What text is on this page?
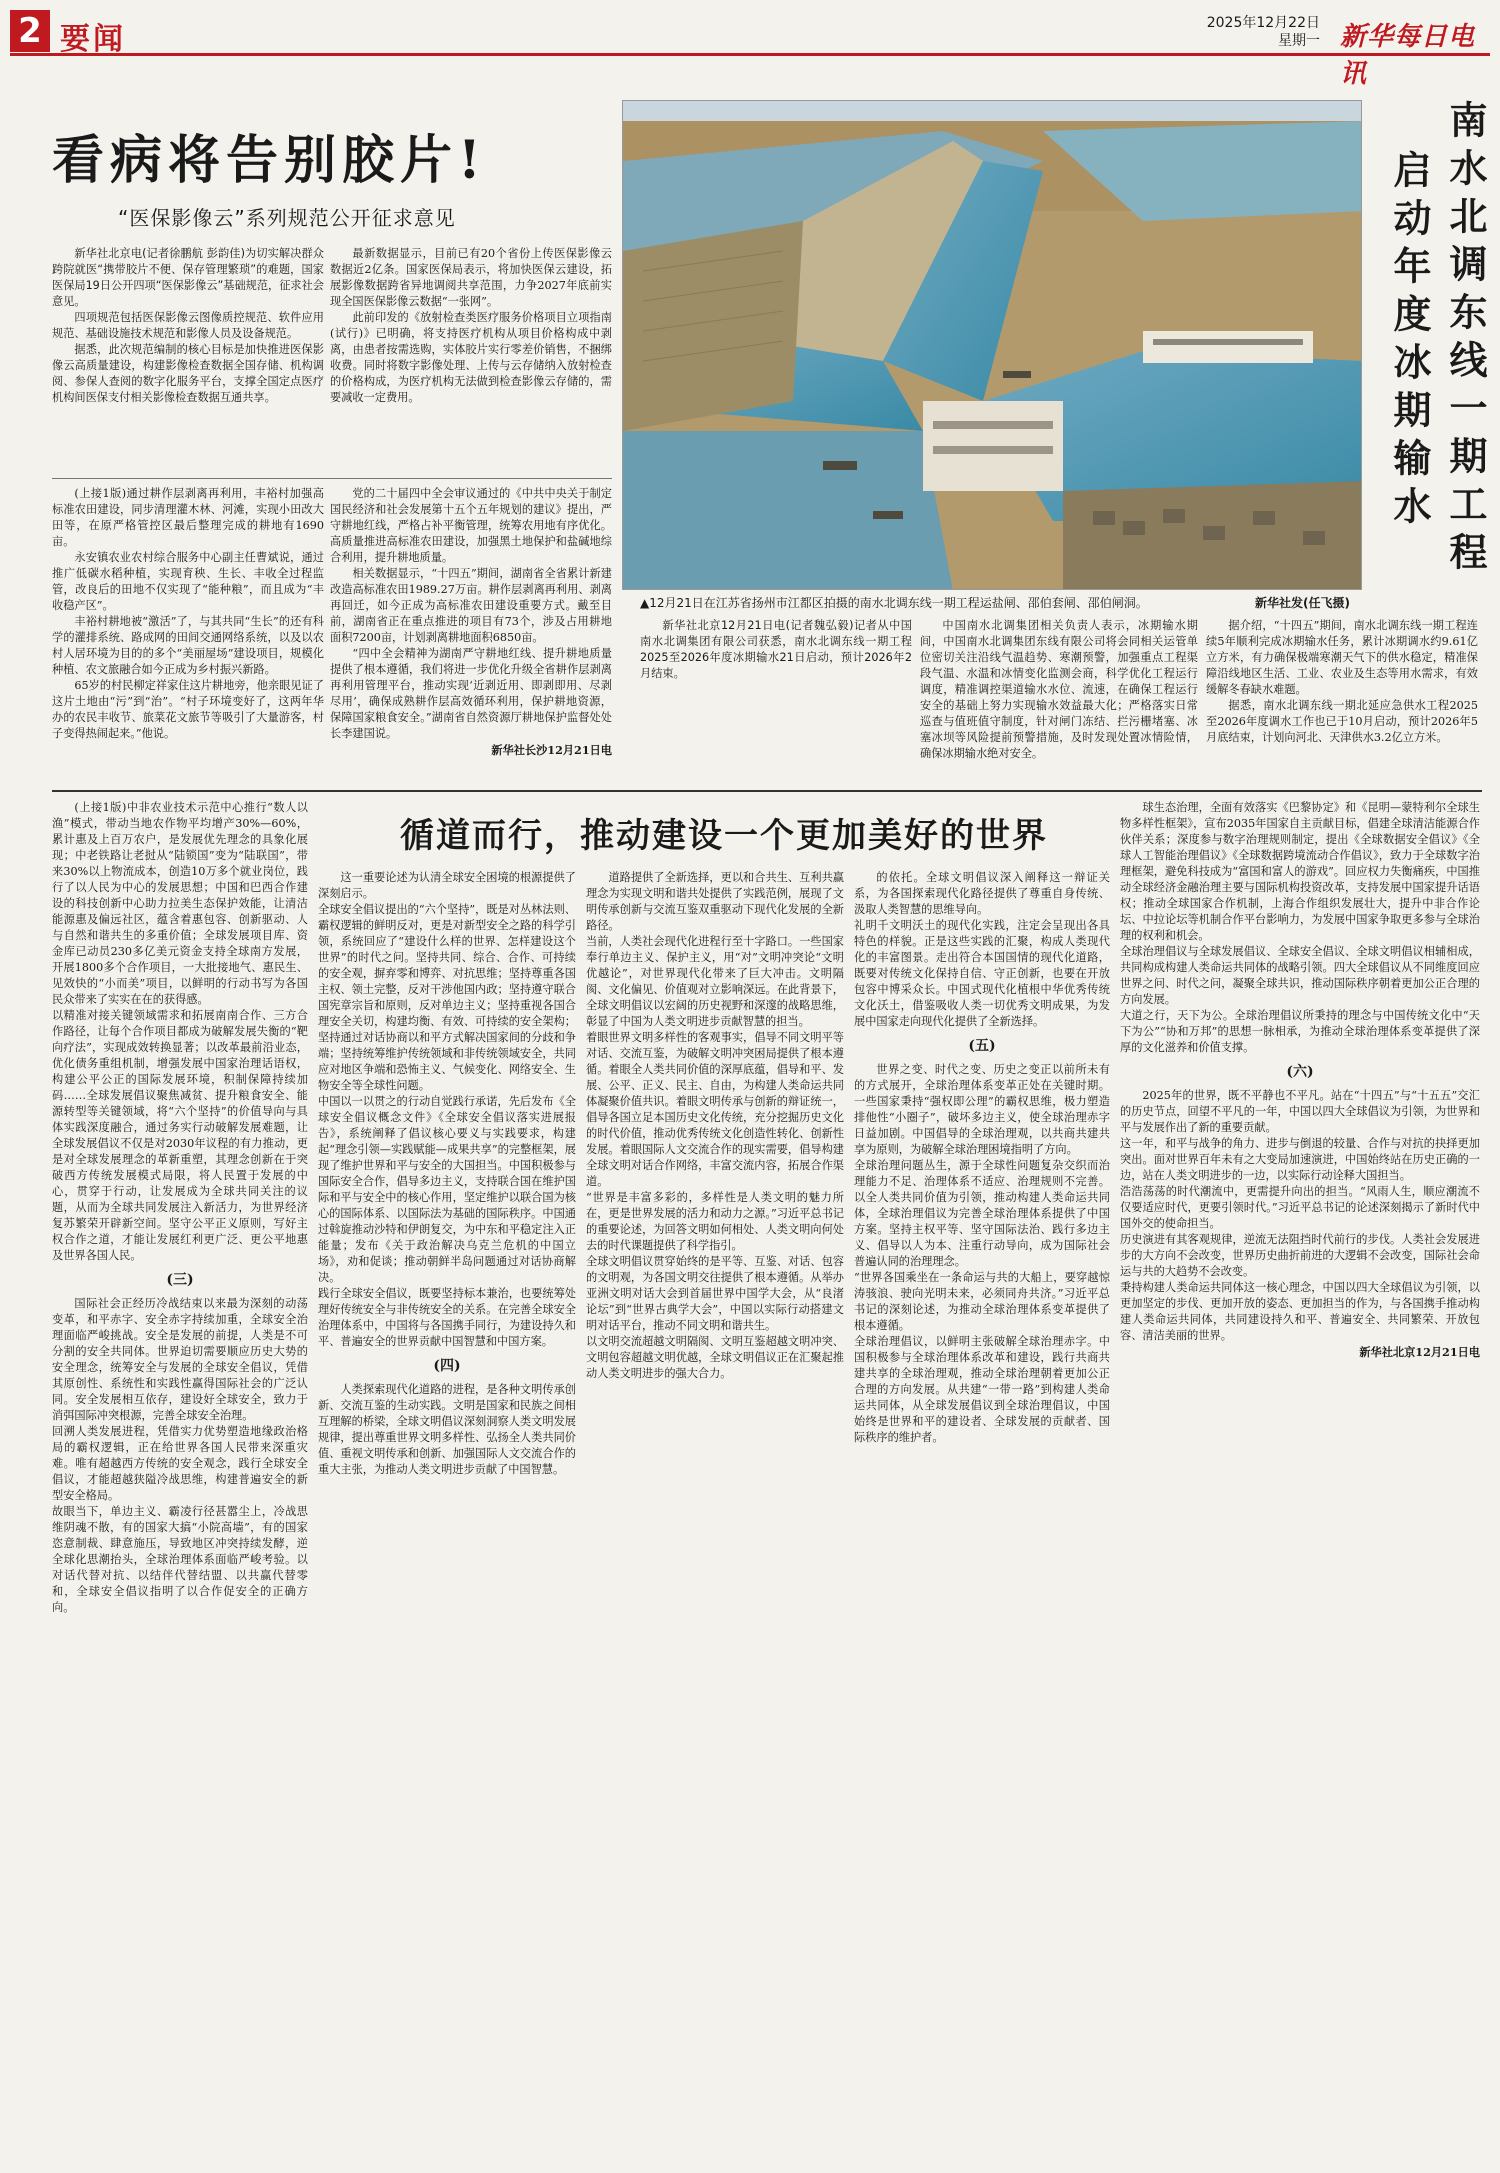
2 要闻	2025年12月22日
星期一 新华每日电讯
看病将告别胶片!
“医保影像云”系列规范公开征求意见

新华社北京电(记者徐鹏航 彭韵佳)为切实解决群众跨院就医“携带胶片不便、保存管理繁琐”的难题，国家医保局19日公开四项“医保影像云”基础规范，征求社会意见。

四项规范包括医保影像云图像质控规范、软件应用规范、基础设施技术规范和影像人员及设备规范。

据悉，此次规范编制的核心目标是加快推进医保影像云高质量建设，构建影像检查数据全国存储、机构调阅、参保人查阅的数字化服务平台，支撑全国定点医疗机构间医保支付相关影像检查数据互通共享。

最新数据显示，目前已有20个省份上传医保影像云数据近2亿条。国家医保局表示，将加快医保云建设，拓展影像数据跨省异地调阅共享范围，力争2027年底前实现全国医保影像云数据“一张网”。

此前印发的《放射检查类医疗服务价格项目立项指南(试行)》已明确，将支持医疗机构从项目价格构成中剥离，由患者按需选购，实体胶片实行零差价销售，不捆绑收费。同时将数字影像处理、上传与云存储纳入放射检查的价格构成，为医疗机构无法做到检查影像云存储的，需要减收一定费用。

(上接1版)通过耕作层剥离再利用，丰裕村加强高标准农田建设，同步清理灌木林、河滩，实现小田改大田等，在原严格管控区最后整理完成的耕地有1690亩。

永安镇农业农村综合服务中心副主任曹斌说，通过推广低碳水稻种植，实现育秧、生长、丰收全过程监管，改良后的田地不仅实现了“能种粮”，而且成为“丰收稳产区”。

丰裕村耕地被“激活”了，与其共同“生长”的还有科学的灌排系统、路成网的田间交通网络系统，以及以农村人居环境为目的的多个“美丽屋场”建设项目，规模化种植、农文旅融合如今正成为乡村振兴新路。

65岁的村民柳定祥家住这片耕地旁，他亲眼见证了这片土地由“污”到“治”。“村子环境变好了，这两年华办的农民丰收节、旅菜花文旅节等吸引了大量游客，村子变得热闹起来。”他说。

党的二十届四中全会审议通过的《中共中央关于制定国民经济和社会发展第十五个五年规划的建议》提出，严守耕地红线，严格占补平衡管理，统筹农用地有序优化。高质量推进高标准农田建设，加强黑土地保护和盐碱地综合利用，提升耕地质量。

相关数据显示，“十四五”期间，湖南省全省累计新建改造高标准农田1989.27万亩。耕作层剥离再利用、剥离再回迁，如今正成为高标准农田建设重要方式。戴至目前，湖南省正在重点推进的项目有73个，涉及占用耕地面积7200亩，计划剥离耕地面积6850亩。

“四中全会精神为湖南严守耕地红线、提升耕地质量提供了根本遵循，我们将进一步优化升级全省耕作层剥离再利用管理平台，推动实现‘近剥近用、即剥即用、尽剥尽用’，确保成熟耕作层高效循环利用，保护耕地资源，保障国家粮食安全。”湖南省自然资源厅耕地保护监督处处长李建国说。

新华社长沙12月21日电

▲12月21日在江苏省扬州市江都区拍摄的南水北调东线一期工程运盐闸、邵伯套闸、邵伯闸洞。	新华社发(任飞摄)
南水北调东线一期工程
启动年度冰期输水

新华社北京12月21日电(记者魏弘毅)记者从中国南水北调集团有限公司获悉，南水北调东线一期工程2025至2026年度冰期输水21日启动，预计2026年2月结束。

中国南水北调集团相关负责人表示，冰期输水期间，中国南水北调集团东线有限公司将会同相关运管单位密切关注沿线气温趋势、寒潮预警，加强重点工程渠段气温、水温和冰情变化监测会商，科学优化工程运行调度，精准调控渠道输水水位、流速，在确保工程运行安全的基础上努力实现输水效益最大化；严格落实日常巡查与值班值守制度，针对闸门冻结、拦污栅堵塞、冰塞冰坝等风险提前预警措施，及时发现处置冰情险情，确保冰期输水绝对安全。

据介绍，“十四五”期间，南水北调东线一期工程连续5年顺利完成冰期输水任务，累计冰期调水约9.61亿立方米，有力确保极端寒潮天气下的供水稳定，精准保障沿线地区生活、工业、农业及生态等用水需求，有效缓解冬春缺水难题。

据悉，南水北调东线一期北延应急供水工程2025至2026年度调水工作也已于10月启动，预计2026年5月底结束，计划向河北、天津供水3.2亿立方米。

循道而行，推动建设一个更加美好的世界

(上接1版)中非农业技术示范中心推行“数人以渔”模式，带动当地农作物平均增产30%—60%，累计惠及上百万农户，是发展优先理念的具象化展现；中老铁路让老挝从“陆锁国”变为“陆联国”，带来30%以上物流成本，创造10万多个就业岗位，践行了以人民为中心的发展思想；中国和巴西合作建设的科技创新中心助力拉美生态保护效能，让清洁能源惠及偏远社区，蕴含着惠包容、创新驱动、人与自然和谐共生的多重价值；全球发展项目库、资金库已动员230多亿美元资金支持全球南方发展，开展1800多个合作项目，一大批接地气、惠民生、见效快的“小而美”项目，以鲜明的行动书写为各国民众带来了实实在在的获得感。
以精准对接关键领域需求和拓展南南合作、三方合作路径，让每个合作项目都成为破解发展失衡的“靶向疗法”，实现成效转换显著；以改革最前沿业态，优化债务重组机制，增强发展中国家治理话语权，构建公平公正的国际发展环境，积制保障持续加码……全球发展倡议聚焦减贫、提升粮食安全、能源转型等关键领域，将“六个坚持”的价值导向与具体实践深度融合，通过务实行动破解发展难题，让全球发展倡议不仅是对2030年议程的有力推动，更是对全球发展理念的革新重塑，其理念创新在于突破西方传统发展模式局限，将人民置于发展的中心，贯穿于行动，让发展成为全球共同关注的议题，从而为全球共同发展注入新活力，为世界经济复苏繁荣开辟新空间。坚守公平正义原则，写好主权合作之道，才能让发展红利更广泛、更公平地惠及世界各国人民。

(三)

国际社会正经历冷战结束以来最为深刻的动荡变革，和平赤字、安全赤字持续加重，全球安全治理面临严峻挑战。安全是发展的前提，人类是不可分割的安全共同体。世界迫切需要顺应历史大势的安全理念，统筹安全与发展的全球安全倡议，凭借其原创性、系统性和实践性赢得国际社会的广泛认同。安全发展相互依存，建设好全球安全，致力于消弭国际冲突根源，完善全球安全治理。
回溯人类发展进程，凭借实力优势塑造地缘政治格局的霸权逻辑，正在给世界各国人民带来深重灾难。唯有超越西方传统的安全观念，践行全球安全倡议，才能超越狭隘冷战思维，构建普遍安全的新型安全格局。
故眼当下，单边主义、霸凌行径甚嚣尘上，冷战思维阴魂不散，有的国家大搞“小院高墙”，有的国家恣意制裁、肆意施压，导致地区冲突持续发酵，逆全球化思潮抬头，全球治理体系面临严峻考验。以对话代替对抗、以结伴代替结盟、以共赢代替零和，全球安全倡议指明了以合作促安全的正确方向。

这一重要论述为认清全球安全困境的根源提供了深刻启示。
全球安全倡议提出的“六个坚持”，既是对丛林法则、霸权逻辑的鲜明反对，更是对新型安全之路的科学引领，系统回应了“建设什么样的世界、怎样建设这个世界”的时代之问。坚持共同、综合、合作、可持续的安全观，摒弃零和博弈、对抗思维；坚持尊重各国主权、领土完整，反对干涉他国内政；坚持遵守联合国宪章宗旨和原则，反对单边主义；坚持重视各国合理安全关切，构建均衡、有效、可持续的安全架构；坚持通过对话协商以和平方式解决国家间的分歧和争端；坚持统筹维护传统领域和非传统领域安全，共同应对地区争端和恐怖主义、气候变化、网络安全、生物安全等全球性问题。
中国以一以贯之的行动自觉践行承诺，先后发布《全球安全倡议概念文件》《全球安全倡议落实进展报告》，系统阐释了倡议核心要义与实践要求，构建起“理念引领—实践赋能—成果共享”的完整框架，展现了维护世界和平与安全的大国担当。中国积极参与国际安全合作，倡导多边主义，支持联合国在维护国际和平与安全中的核心作用，坚定维护以联合国为核心的国际体系、以国际法为基础的国际秩序。中国通过斡旋推动沙特和伊朗复交，为中东和平稳定注入正能量；发布《关于政治解决乌克兰危机的中国立场》，劝和促谈；推动朝鲜半岛问题通过对话协商解决。
践行全球安全倡议，既要坚持标本兼治，也要统筹处理好传统安全与非传统安全的关系。在完善全球安全治理体系中，中国将与各国携手同行，为建设持久和平、普遍安全的世界贡献中国智慧和中国方案。

(四)

人类探索现代化道路的进程，是各种文明传承创新、交流互鉴的生动实践。文明是国家和民族之间相互理解的桥梁，全球文明倡议深刻洞察人类文明发展规律，提出尊重世界文明多样性、弘扬全人类共同价值、重视文明传承和创新、加强国际人文交流合作的重大主张，为推动人类文明进步贡献了中国智慧。

道路提供了全新选择，更以和合共生、互利共赢理念为实现文明和谐共处提供了实践范例，展现了文明传承创新与交流互鉴双重驱动下现代化发展的全新路径。
当前，人类社会现代化进程行至十字路口。一些国家奉行单边主义、保护主义，用“对”文明冲突论“文明优越论”，对世界现代化带来了巨大冲击。文明隔阂、文化偏见、价值观对立影响深远。在此背景下，全球文明倡议以宏阔的历史视野和深邃的战略思维，彰显了中国为人类文明进步贡献智慧的担当。
着眼世界文明多样性的客观事实，倡导不同文明平等对话、交流互鉴，为破解文明冲突困局提供了根本遵循。着眼全人类共同价值的深厚底蕴，倡导和平、发展、公平、正义、民主、自由，为构建人类命运共同体凝聚价值共识。着眼文明传承与创新的辩证统一，倡导各国立足本国历史文化传统，充分挖掘历史文化的时代价值，推动优秀传统文化创造性转化、创新性发展。着眼国际人文交流合作的现实需要，倡导构建全球文明对话合作网络，丰富交流内容，拓展合作渠道。
“世界是丰富多彩的，多样性是人类文明的魅力所在，更是世界发展的活力和动力之源。”习近平总书记的重要论述，为回答文明如何相处、人类文明向何处去的时代课题提供了科学指引。
全球文明倡议贯穿始终的是平等、互鉴、对话、包容的文明观，为各国文明交往提供了根本遵循。从举办亚洲文明对话大会到首届世界中国学大会，从“良渚论坛”到“世界古典学大会”，中国以实际行动搭建文明对话平台，推动不同文明和谐共生。
以文明交流超越文明隔阂、文明互鉴超越文明冲突、文明包容超越文明优越，全球文明倡议正在汇聚起推动人类文明进步的强大合力。

的依托。全球文明倡议深入阐释这一辩证关系，为各国探索现代化路径提供了尊重自身传统、汲取人类智慧的思维导向。
礼明千文明沃土的现代化实践，注定会呈现出各具特色的样貌。正是这些实践的汇聚，构成人类现代化的丰富图景。走出符合本国国情的现代化道路，既要对传统文化保持自信、守正创新，也要在开放包容中博采众长。中国式现代化植根中华优秀传统文化沃土，借鉴吸收人类一切优秀文明成果，为发展中国家走向现代化提供了全新选择。

(五)

世界之变、时代之变、历史之变正以前所未有的方式展开，全球治理体系变革正处在关键时期。一些国家秉持“强权即公理”的霸权思维，极力塑造排他性“小圈子”，破坏多边主义，使全球治理赤字日益加剧。中国倡导的全球治理观，以共商共建共享为原则，为破解全球治理困境指明了方向。
全球治理问题丛生，源于全球性问题复杂交织而治理能力不足、治理体系不适应、治理规则不完善。以全人类共同价值为引领，推动构建人类命运共同体，全球治理倡议为完善全球治理体系提供了中国方案。坚持主权平等、坚守国际法治、践行多边主义、倡导以人为本、注重行动导向，成为国际社会普遍认同的治理理念。
“世界各国乘坐在一条命运与共的大船上，要穿越惊涛骇浪、驶向光明未来，必须同舟共济。”习近平总书记的深刻论述，为推动全球治理体系变革提供了根本遵循。
全球治理倡议，以鲜明主张破解全球治理赤字。中国积极参与全球治理体系改革和建设，践行共商共建共享的全球治理观，推动全球治理朝着更加公正合理的方向发展。从共建“一带一路”到构建人类命运共同体，从全球发展倡议到全球治理倡议，中国始终是世界和平的建设者、全球发展的贡献者、国际秩序的维护者。

球生态治理，全面有效落实《巴黎协定》和《昆明—蒙特利尔全球生物多样性框架》，宣布2035年国家自主贡献目标，倡建全球清洁能源合作伙伴关系；深度参与数字治理规则制定，提出《全球数据安全倡议》《全球人工智能治理倡议》《全球数据跨境流动合作倡议》，致力于全球数字治理框架，避免科技成为“富国和富人的游戏”。回应权力失衡痛疾，中国推动全球经济金融治理主要与国际机构投资改革，支持发展中国家提升话语权；推动全球国家合作机制，上海合作组织发展壮大，提升中非合作论坛、中拉论坛等机制合作平台影响力，为发展中国家争取更多参与全球治理的权利和机会。
全球治理倡议与全球发展倡议、全球安全倡议、全球文明倡议相辅相成，共同构成构建人类命运共同体的战略引领。四大全球倡议从不同维度回应世界之问、时代之问，凝聚全球共识，推动国际秩序朝着更加公正合理的方向发展。
大道之行，天下为公。全球治理倡议所秉持的理念与中国传统文化中“天下为公”“协和万邦”的思想一脉相承，为推动全球治理体系变革提供了深厚的文化滋养和价值支撑。

(六)

2025年的世界，既不平静也不平凡。站在“十四五”与“十五五”交汇的历史节点，回望不平凡的一年，中国以四大全球倡议为引领，为世界和平与发展作出了新的重要贡献。
这一年，和平与战争的角力、进步与倒退的较量、合作与对抗的抉择更加突出。面对世界百年未有之大变局加速演进，中国始终站在历史正确的一边，站在人类文明进步的一边，以实际行动诠释大国担当。
浩浩荡荡的时代潮流中，更需提升向出的担当。“风雨人生，顺应潮流不仅要适应时代，更要引领时代。”习近平总书记的论述深刻揭示了新时代中国外交的使命担当。
历史演进有其客观规律，逆流无法阻挡时代前行的步伐。人类社会发展进步的大方向不会改变，世界历史曲折前进的大逻辑不会改变，国际社会命运与共的大趋势不会改变。
秉持构建人类命运共同体这一核心理念，中国以四大全球倡议为引领，以更加坚定的步伐、更加开放的姿态、更加担当的作为，与各国携手推动构建人类命运共同体，共同建设持久和平、普遍安全、共同繁荣、开放包容、清洁美丽的世界。

新华社北京12月21日电
